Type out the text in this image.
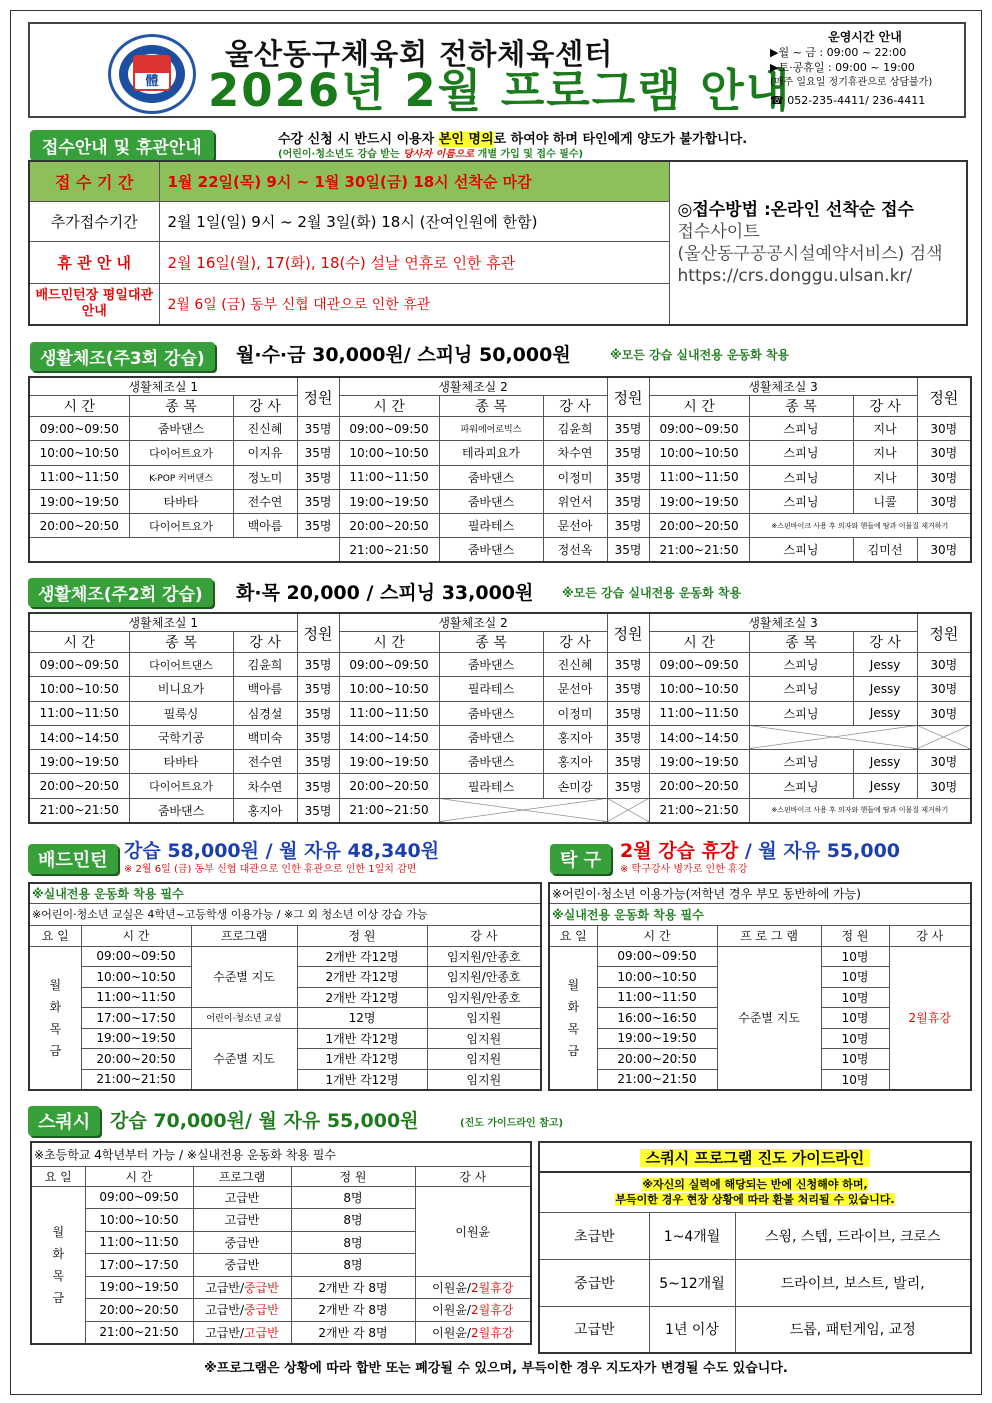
體
울산동구체육회 전하체육센터
2026년 2월 프로그램 안내
운영시간 안내
▶월 ~ 금 : 09:00 ~ 22:00
▶토·공휴일 : 09:00 ~ 19:00
(매주 일요일 정기휴관으로 상담불가)
☎ 052-235-4411/ 236-4411
접수안내 및 휴관안내	수강 신청 시 반드시 이용자 본인 명의로 하여야 하며 타인에게 양도가 불가합니다.
(어린이·청소년도 강습 받는 당사자 이름으로 개별 가입 및 접수 필수)
접 수 기 간	1월 22일(목) 9시 ~ 1월 30일(금) 18시 선착순 마감	◎접수방법 :온라인 선착순 접수
접수사이트
(울산동구공공시설예약서비스) 검색
https://crs.donggu.ulsan.kr/

추가접수기간	2월 1일(일) 9시 ~ 2월 3일(화) 18시 (잔여인원에 한함)	
휴 관 안 내	2월 16일(월), 17(화), 18(수) 설날 연휴로 인한 휴관	
배드민턴장 평일대관안내	2월 6일 (금) 동부 신협 대관으로 인한 휴관	
생활체조(주3회 강습)	월·수·금 30,000원/ 스피닝 50,000원	※모든 강습 실내전용 운동화 착용
생활체조실 1			정원	생활체조실 2			정원	생활체조실 3			정원
시 간	종 목	강 사		시 간	종 목	강 사		시 간	종 목	강 사	
09:00~09:50	줌바댄스	진신혜	35명	09:00~09:50	파워에어로빅스	김윤희	35명	09:00~09:50	스피닝	지나	30명
10:00~10:50	다이어트요가	이지유	35명	10:00~10:50	테라피요가	차수연	35명	10:00~10:50	스피닝	지나	30명
11:00~11:50	K-POP 커버댄스	정노미	35명	11:00~11:50	줌바댄스	이정미	35명	11:00~11:50	스피닝	지나	30명
19:00~19:50	타바타	전수연	35명	19:00~19:50	줌바댄스	위언서	35명	19:00~19:50	스피닝	니콜	30명
20:00~20:50	다이어트요가	백아름	35명	20:00~20:50	필라테스	문선아	35명	20:00~20:50	※스핀바이크 사용 후 의자와 핸들에 땀과 이물질 제거하기		
				21:00~21:50	줌바댄스	정선옥	35명	21:00~21:50	스피닝	김미선	30명
생활체조(주2회 강습)	화·목 20,000 / 스피닝 33,000원 ※모든 강습 실내전용 운동화 착용
생활체조실 1			정원	생활체조실 2			정원	생활체조실 3			정원
시 간	종 목	강 사		시 간	종 목	강 사		시 간	종 목	강 사	
09:00~09:50	다이어트댄스	김윤희	35명	09:00~09:50	줌바댄스	진신혜	35명	09:00~09:50	스피닝	Jessy	30명
10:00~10:50	비니요가	백아름	35명	10:00~10:50	필라테스	문선아	35명	10:00~10:50	스피닝	Jessy	30명
11:00~11:50	필룩싱	심경설	35명	11:00~11:50	줌바댄스	이정미	35명	11:00~11:50	스피닝	Jessy	30명
14:00~14:50	국학기공	백미숙	35명	14:00~14:50	줌바댄스	홍지아	35명	14:00~14:50			
19:00~19:50	타바타	전수연	35명	19:00~19:50	줌바댄스	홍지아	35명	19:00~19:50	스피닝	Jessy	30명
20:00~20:50	다이어트요가	차수연	35명	20:00~20:50	필라테스	손미강	35명	20:00~20:50	스피닝	Jessy	30명
21:00~21:50	줌바댄스	홍지아	35명	21:00~21:50				21:00~21:50	※스핀바이크 사용 후 의자와 핸들에 땀과 이물질 제거하기		
배드민턴 강습 58,000원 / 월 자유 48,340원
※ 2월 6일 (금) 동부 신협 대관으로 인한 휴관으로 인한 1일치 감면
※실내전용 운동화 착용 필수				
※어린이·청소년 교실은 4학년~고등학생 이용가능 / ※그 외 청소년 이상 강습 가능				
요 일	시 간	프로그램	정 원	강 사
월 화 목 금	09:00~09:50	수준별 지도	2개반 각12명	임지원/안종호
	10:00~10:50		2개반 각12명	임지원/안종호
	11:00~11:50		2개반 각12명	임지원/안종호
	17:00~17:50	어린이·청소년 교실	12명	임지원
	19:00~19:50	수준별 지도	1개반 각12명	임지원
	20:00~20:50		1개반 각12명	임지원
	21:00~21:50		1개반 각12명	임지원
탁 구 2월 강습 휴강 / 월 자유 55,000
※ 탁구강사 병가로 인한 휴강
※어린이·청소년 이용가능(저학년 경우 부모 동반하에 가능)				
※실내전용 운동화 착용 필수				
요 일	시 간	프 로 그 램	정 원	강 사
월 화 목 금	09:00~09:50	수준별 지도	10명	2월휴강
	10:00~10:50		10명	
	11:00~11:50		10명	
	16:00~16:50		10명	
	19:00~19:50		10명	
	20:00~20:50		10명	
	21:00~21:50		10명	
스쿼시	강습 70,000원/ 월 자유 55,000원	(진도 가이드라인 참고)
※초등학교 4학년부터 가능 / ※실내전용 운동화 착용 필수				
요 일	시 간	프로그램	정 원	강 사
월 화 목 금	09:00~09:50	고급반	8명	이원윤
	10:00~10:50	고급반	8명	
	11:00~11:50	중급반	8명	
	17:00~17:50	중급반	8명	
	19:00~19:50	고급반/중급반	2개반 각 8명	이원윤/2월휴강
	20:00~20:50	고급반/중급반	2개반 각 8명	이원윤/2월휴강
	21:00~21:50	고급반/고급반	2개반 각 8명	이원윤/2월휴강
스쿼시 프로그램 진도 가이드라인		

※자신의 실력에 해당되는 반에 신청해야 하며,
부득이한 경우 현장 상황에 따라 환불 처리될 수 있습니다.		

초급반	1~4개월	스윙, 스텝, 드라이브, 크로스
중급반	5~12개월	드라이브, 보스트, 발리,
고급반	1년 이상	드롭, 패턴게임, 교정
※프로그램은 상황에 따라 합반 또는 폐강될 수 있으며, 부득이한 경우 지도자가 변경될 수도 있습니다.
